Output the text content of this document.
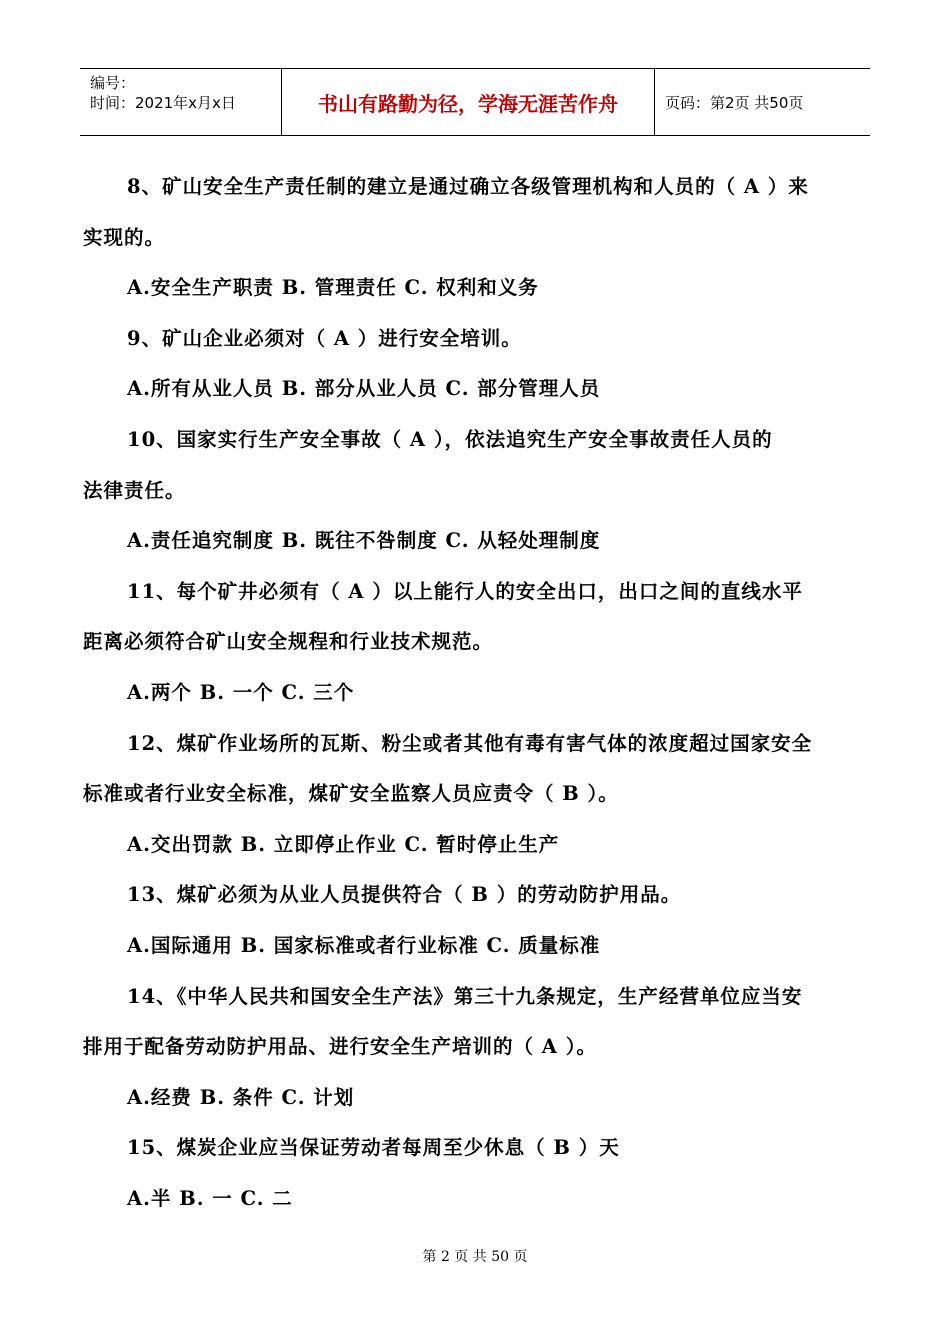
编号：
时间：2021年x月x日	书山有路勤为径，学海无涯苦作舟	页码：第2页 共50页
8、矿山安全生产责任制的建立是通过确立各级管理机构和人员的（ A ）来
实现的。
A.安全生产职责 B. 管理责任 C. 权利和义务
9、矿山企业必须对（ A ）进行安全培训。
A.所有从业人员 B. 部分从业人员 C. 部分管理人员
10、国家实行生产安全事故（ A ），依法追究生产安全事故责任人员的
法律责任。
A.责任追究制度 B. 既往不咎制度 C. 从轻处理制度
11、每个矿井必须有（ A ）以上能行人的安全出口，出口之间的直线水平
距离必须符合矿山安全规程和行业技术规范。
A.两个 B. 一个 C. 三个
12、煤矿作业场所的瓦斯、粉尘或者其他有毒有害气体的浓度超过国家安全
标准或者行业安全标准，煤矿安全监察人员应责令（ B ）。
A.交出罚款 B. 立即停止作业 C. 暂时停止生产
13、煤矿必须为从业人员提供符合（ B ）的劳动防护用品。
A.国际通用 B. 国家标准或者行业标准 C. 质量标准
14、《中华人民共和国安全生产法》第三十九条规定，生产经营单位应当安
排用于配备劳动防护用品、进行安全生产培训的（ A ）。
A.经费 B. 条件 C. 计划
15、煤炭企业应当保证劳动者每周至少休息（ B ）天
A.半 B. 一 C. 二
第 2 页 共 50 页
